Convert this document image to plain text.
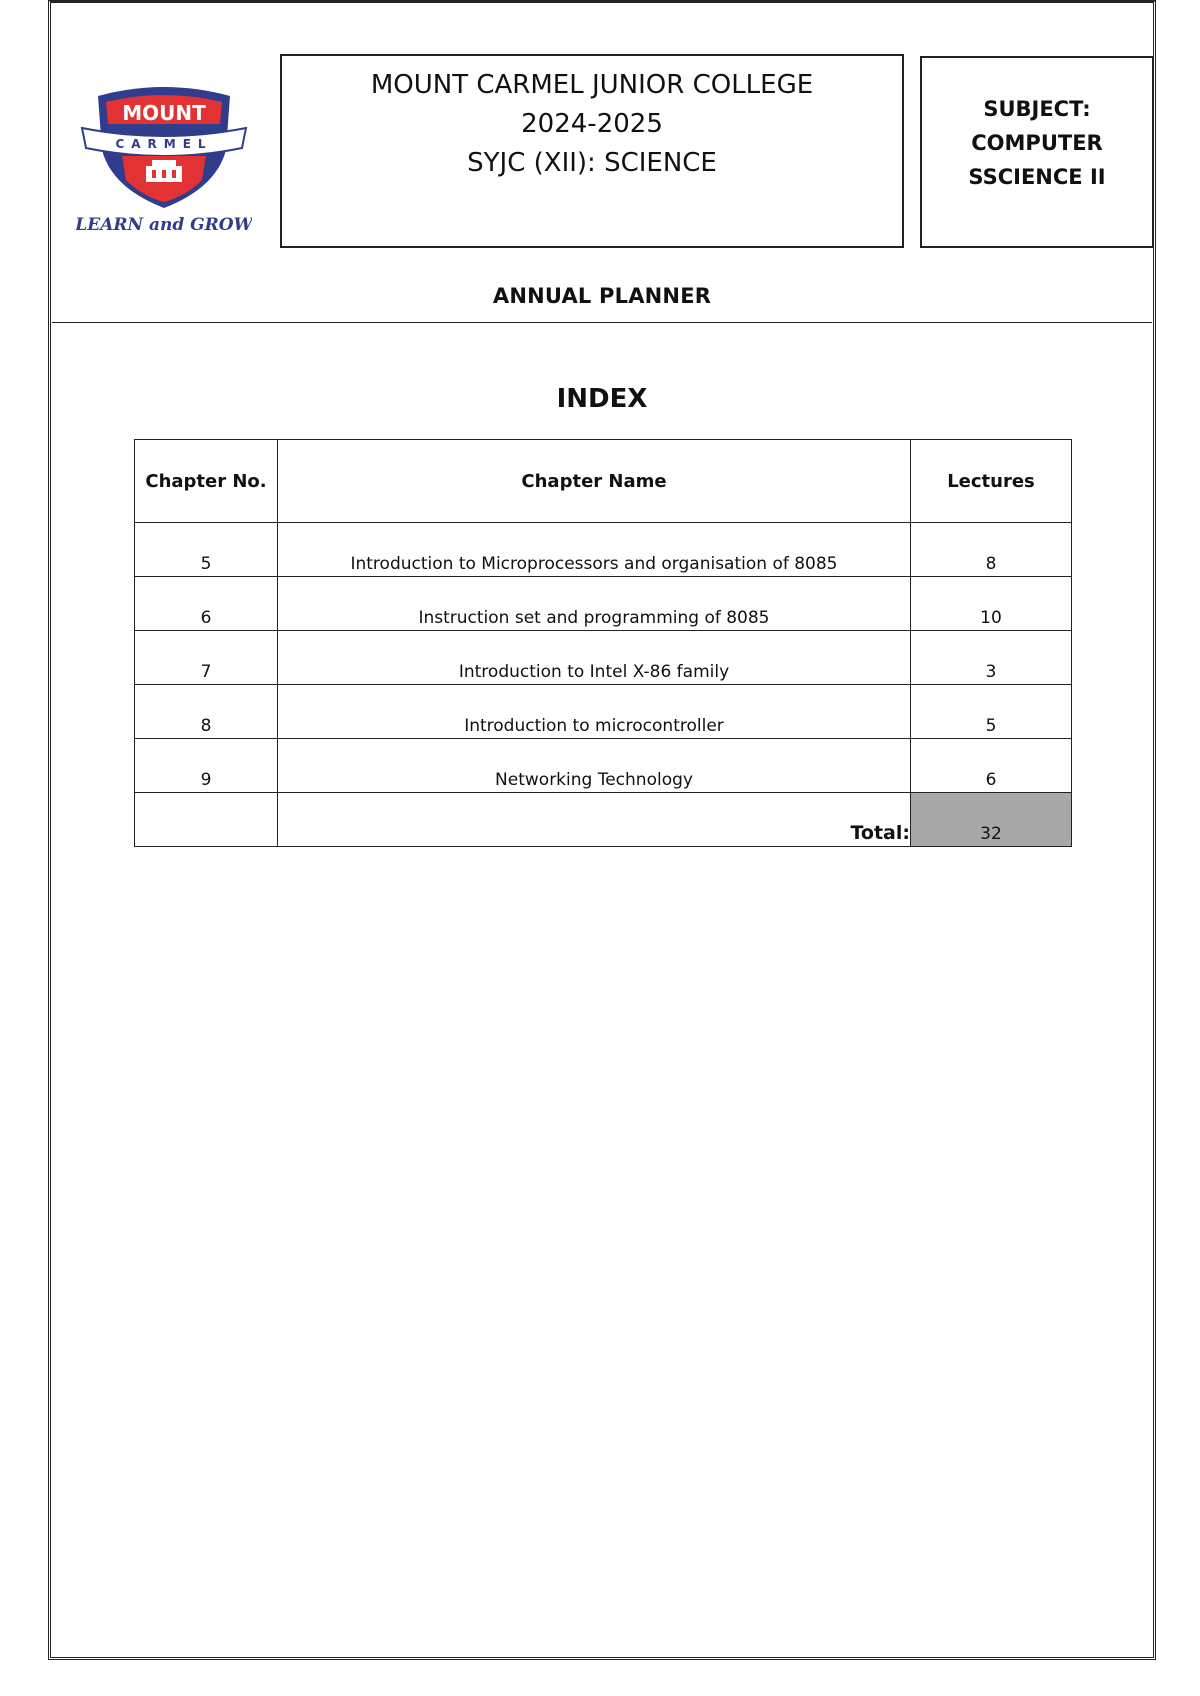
MOUNT
CARMEL
LEARN and GROW
MOUNT CARMEL JUNIOR COLLEGE
2024-2025
SYJC (XII): SCIENCE
SUBJECT:
COMPUTER
SSCIENCE II
ANNUAL PLANNER
INDEX
Chapter No.	Chapter Name	Lectures
5	Introduction to Microprocessors and organisation of 8085	8
6	Instruction set and programming of 8085	10
7	Introduction to Intel X-86 family	3
8	Introduction to microcontroller	5
9	Networking Technology	6
	Total:	32
